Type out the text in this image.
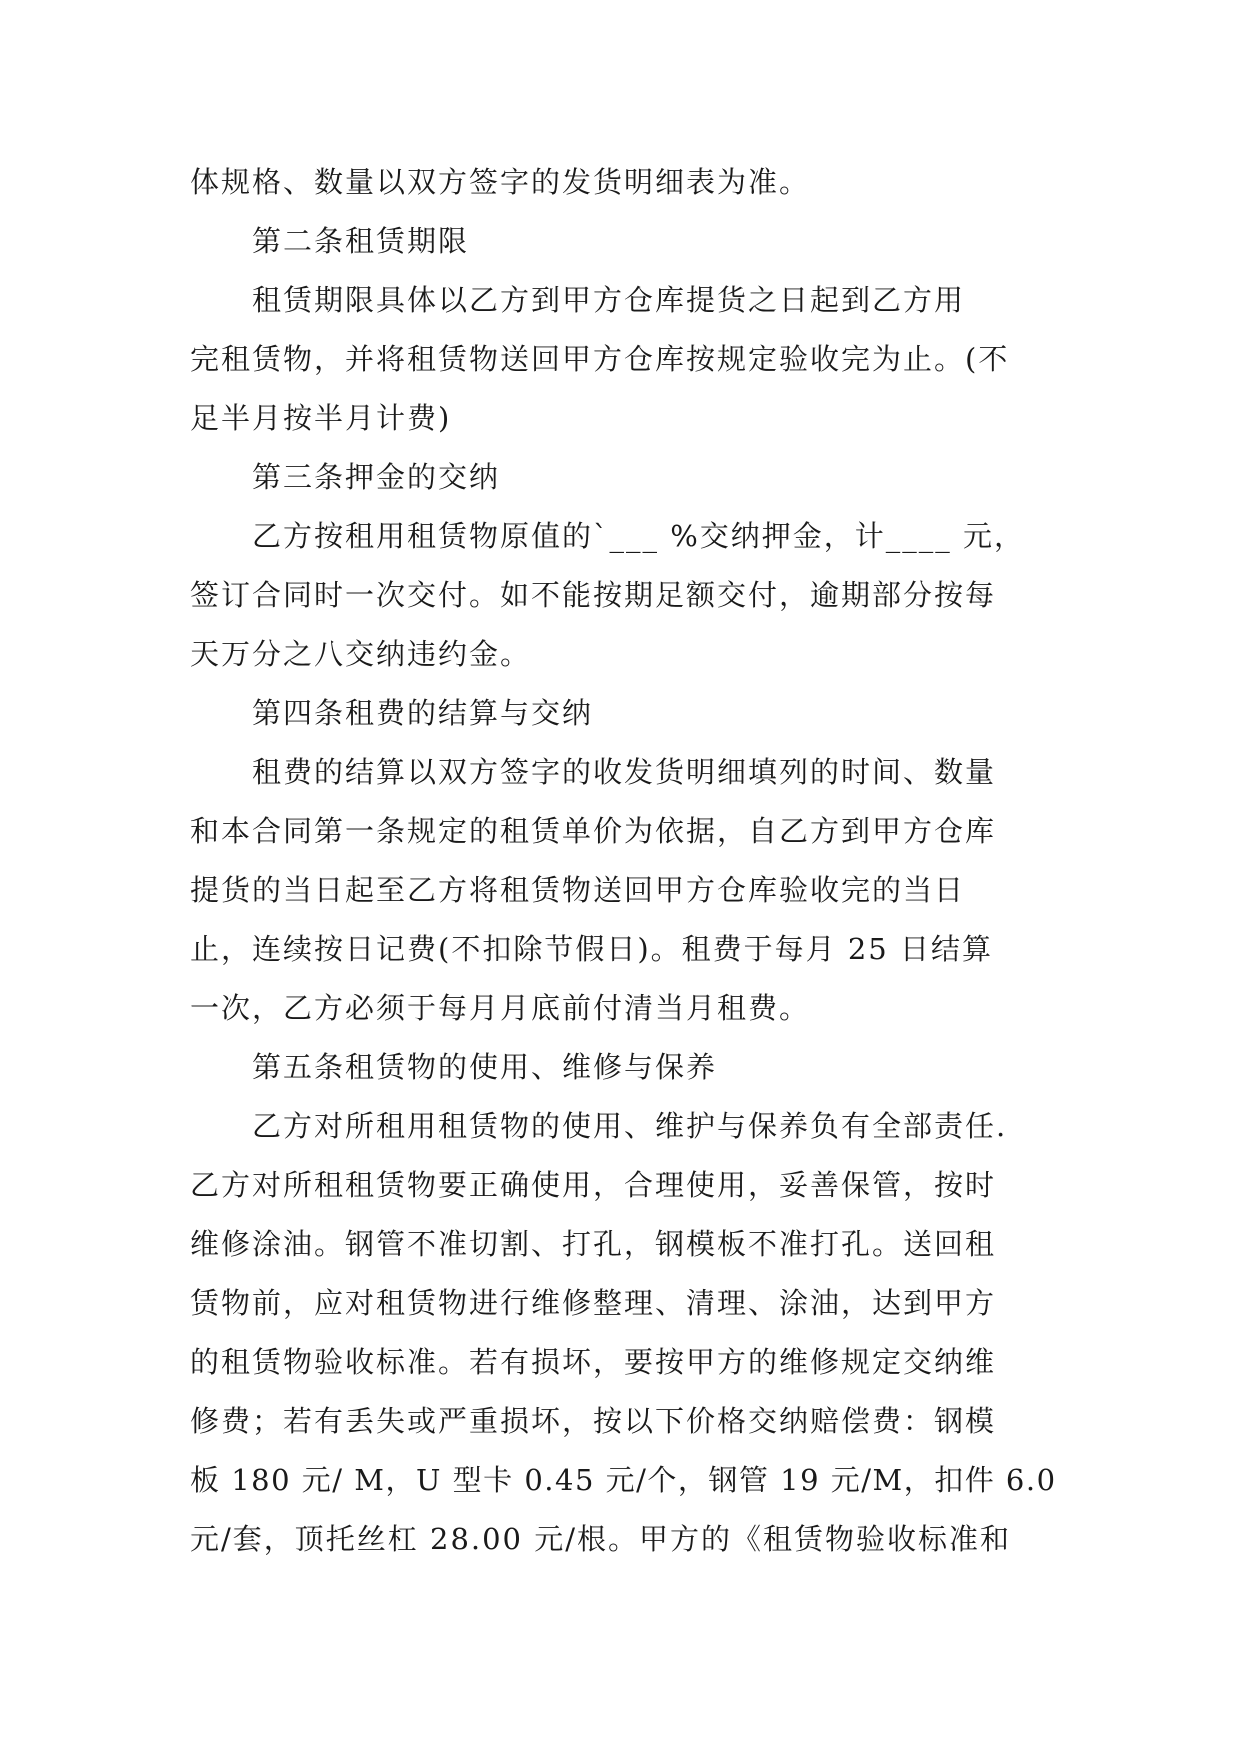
体规格、数量以双方签字的发货明细表为准。
第二条租赁期限
租赁期限具体以乙方到甲方仓库提货之日起到乙方用
完租赁物，并将租赁物送回甲方仓库按规定验收完为止。(不
足半月按半月计费)
第三条押金的交纳
乙方按租用租赁物原值的`___ %交纳押金，计____ 元，
签订合同时一次交付。如不能按期足额交付，逾期部分按每
天万分之八交纳违约金。
第四条租费的结算与交纳
租费的结算以双方签字的收发货明细填列的时间、数量
和本合同第一条规定的租赁单价为依据，自乙方到甲方仓库
提货的当日起至乙方将租赁物送回甲方仓库验收完的当日
止，连续按日记费(不扣除节假日)。租费于每月 25 日结算
一次，乙方必须于每月月底前付清当月租费。
第五条租赁物的使用、维修与保养
乙方对所租用租赁物的使用、维护与保养负有全部责任.
乙方对所租租赁物要正确使用，合理使用，妥善保管，按时
维修涂油。钢管不准切割、打孔，钢模板不准打孔。送回租
赁物前，应对租赁物进行维修整理、清理、涂油，达到甲方
的租赁物验收标准。若有损坏，要按甲方的维修规定交纳维
修费；若有丢失或严重损坏，按以下价格交纳赔偿费：钢模
板 180 元/ M，U 型卡 0.45 元/个，钢管 19 元/M，扣件 6.0
元/套，顶托丝杠 28.00 元/根。甲方的《租赁物验收标准和
